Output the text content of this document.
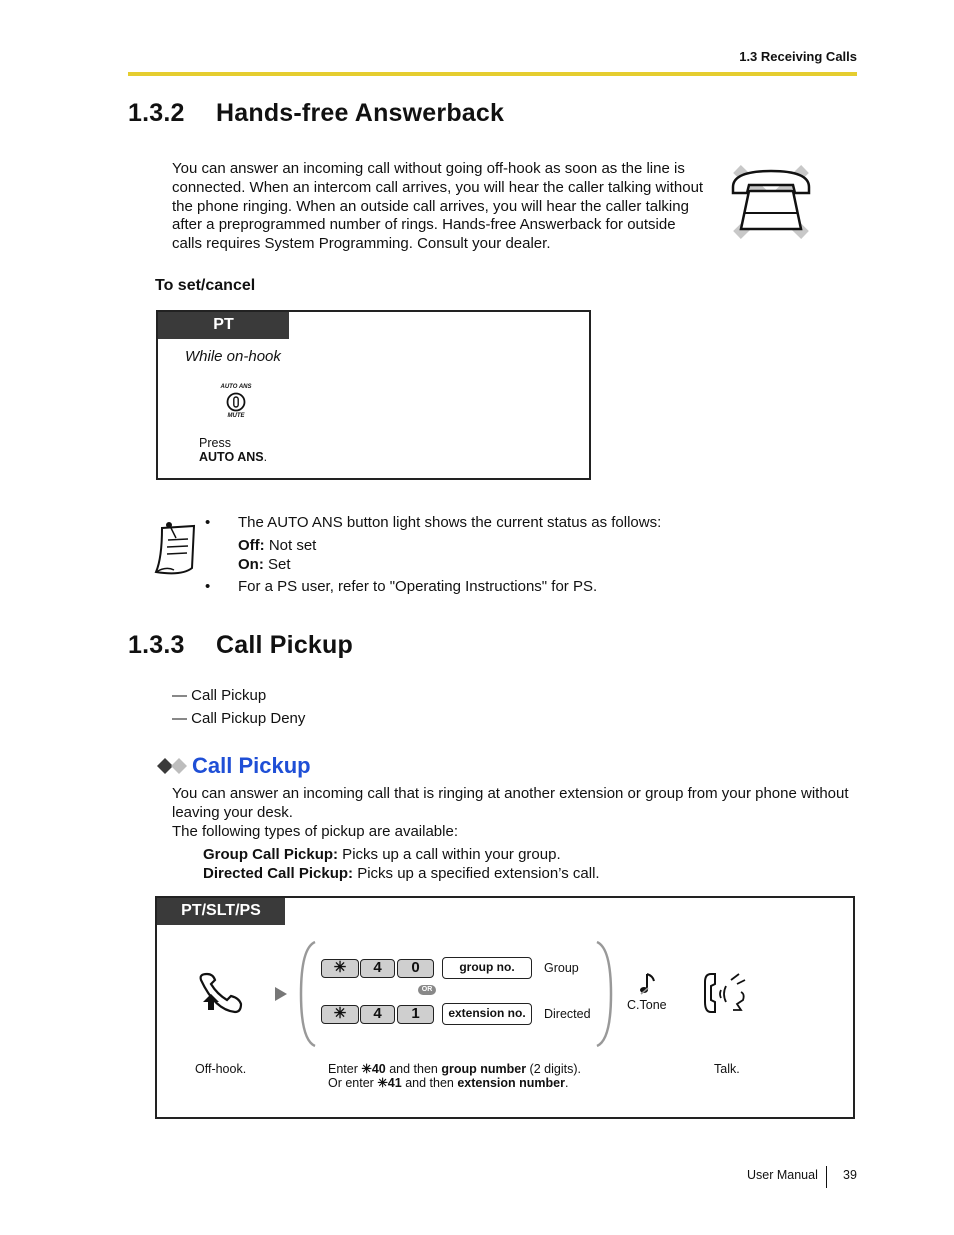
1.3 Receiving Calls
1.3.2 Hands-free Answerback
You can answer an incoming call without going off-hook as soon as the line is
connected. When an intercom call arrives, you will hear the caller talking without
the phone ringing. When an outside call arrives, you will hear the caller talking
after a preprogrammed number of rings. Hands-free Answerback for outside
calls requires System Programming. Consult your dealer.
To set/cancel
PT
While on-hook
AUTO ANS
MUTE
Press
AUTO ANS.
• The AUTO ANS button light shows the current status as follows:
Off: Not set
On: Set
• For a PS user, refer to "Operating Instructions" for PS.
1.3.3 Call Pickup
— Call Pickup
— Call Pickup Deny
Call Pickup
You can answer an incoming call that is ringing at another extension or group from your phone without
leaving your desk.
The following types of pickup are available:
Group Call Pickup: Picks up a call within your group.
Directed Call Pickup: Picks up a specified extension’s call.
PT/SLT/PS
Off-hook.
✳	4	0	group no.	Group
OR
✳	4	1	extension no.	Directed
C.Tone
Talk.
Enter ✳40 and then group number (2 digits).
Or enter ✳41 and then extension number.
User Manual 39
